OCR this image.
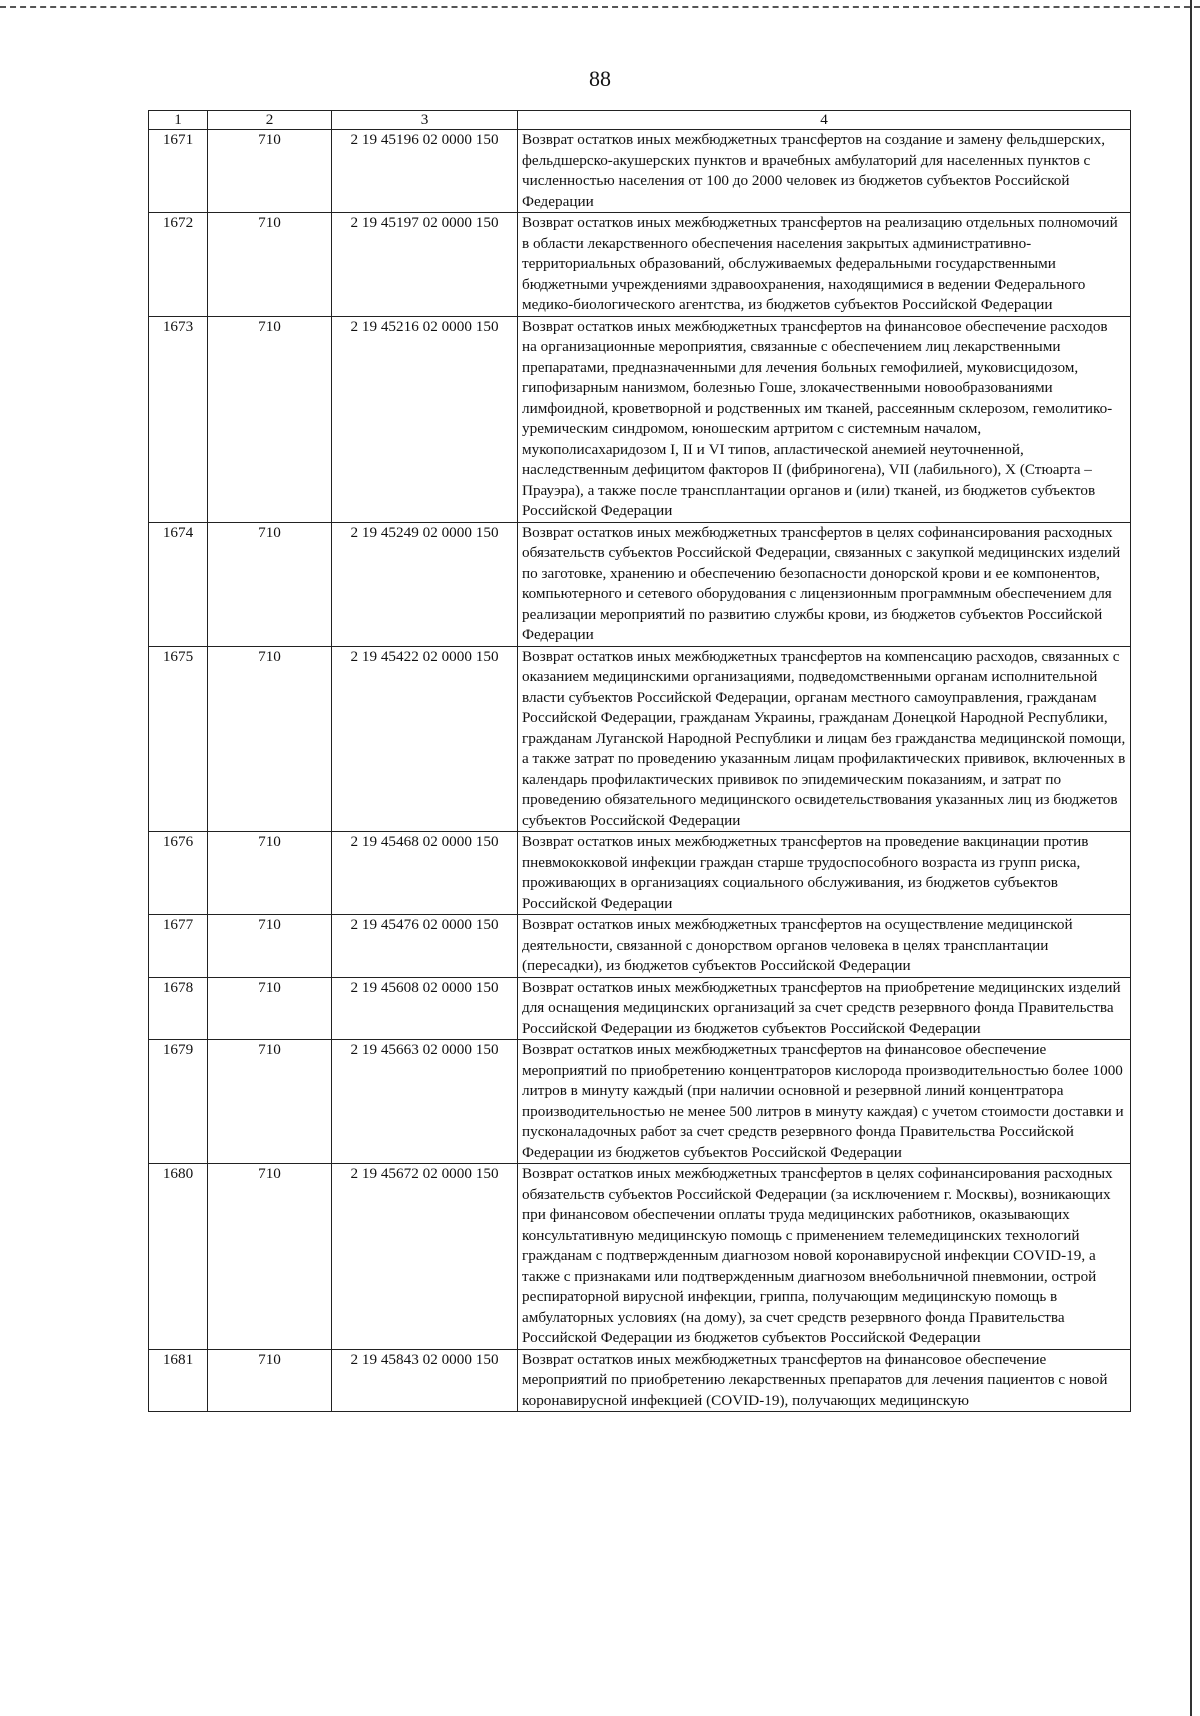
88
1	2	3	4
1671	710	2 19 45196 02 0000 150	Возврат остатков иных межбюджетных трансфертов на создание и замену фельдшерских, фельдшерско-акушерских пунктов и врачебных амбулаторий для населенных пунктов с численностью населения от 100 до 2000 человек из бюджетов субъектов Российской Федерации
1672	710	2 19 45197 02 0000 150	Возврат остатков иных межбюджетных трансфертов на реализацию отдельных полномочий в области лекарственного обеспечения населения закрытых административно-территориальных образований, обслуживаемых федеральными государственными бюджетными учреждениями здравоохранения, находящимися в ведении Федерального медико-биологического агентства, из бюджетов субъектов Российской Федерации
1673	710	2 19 45216 02 0000 150	Возврат остатков иных межбюджетных трансфертов на финансовое обеспечение расходов на организационные мероприятия, связанные с обеспечением лиц лекарственными препаратами, предназначенными для лечения больных гемофилией, муковисцидозом, гипофизарным нанизмом, болезнью Гоше, злокачественными новообразованиями лимфоидной, кроветворной и родственных им тканей, рассеянным склерозом, гемолитико-уремическим синдромом, юношеским артритом с системным началом, мукополисахаридозом I, II и VI типов, апластической анемией неуточненной, наследственным дефицитом факторов II (фибриногена), VII (лабильного), X (Стюарта – Прауэра), а также после трансплантации органов и (или) тканей, из бюджетов субъектов Российской Федерации
1674	710	2 19 45249 02 0000 150	Возврат остатков иных межбюджетных трансфертов в целях софинансирования расходных обязательств субъектов Российской Федерации, связанных с закупкой медицинских изделий по заготовке, хранению и обеспечению безопасности донорской крови и ее компонентов, компьютерного и сетевого оборудования с лицензионным программным обеспечением для реализации мероприятий по развитию службы крови, из бюджетов субъектов Российской Федерации
1675	710	2 19 45422 02 0000 150	Возврат остатков иных межбюджетных трансфертов на компенсацию расходов, связанных с оказанием медицинскими организациями, подведомственными органам исполнительной власти субъектов Российской Федерации, органам местного самоуправления, гражданам Российской Федерации, гражданам Украины, гражданам Донецкой Народной Республики, гражданам Луганской Народной Республики и лицам без гражданства медицинской помощи, а также затрат по проведению указанным лицам профилактических прививок, включенных в календарь профилактических прививок по эпидемическим показаниям, и затрат по проведению обязательного медицинского освидетельствования указанных лиц из бюджетов субъектов Российской Федерации
1676	710	2 19 45468 02 0000 150	Возврат остатков иных межбюджетных трансфертов на проведение вакцинации против пневмококковой инфекции граждан старше трудоспособного возраста из групп риска, проживающих в организациях социального обслуживания, из бюджетов субъектов Российской Федерации
1677	710	2 19 45476 02 0000 150	Возврат остатков иных межбюджетных трансфертов на осуществление медицинской деятельности, связанной с донорством органов человека в целях трансплантации (пересадки), из бюджетов субъектов Российской Федерации
1678	710	2 19 45608 02 0000 150	Возврат остатков иных межбюджетных трансфертов на приобретение медицинских изделий для оснащения медицинских организаций за счет средств резервного фонда Правительства Российской Федерации из бюджетов субъектов Российской Федерации
1679	710	2 19 45663 02 0000 150	Возврат остатков иных межбюджетных трансфертов на финансовое обеспечение мероприятий по приобретению концентраторов кислорода производительностью более 1000 литров в минуту каждый (при наличии основной и резервной линий концентратора производительностью не менее 500 литров в минуту каждая) с учетом стоимости доставки и пусконаладочных работ за счет средств резервного фонда Правительства Российской Федерации из бюджетов субъектов Российской Федерации
1680	710	2 19 45672 02 0000 150	Возврат остатков иных межбюджетных трансфертов в целях софинансирования расходных обязательств субъектов Российской Федерации (за исключением г. Москвы), возникающих при финансовом обеспечении оплаты труда медицинских работников, оказывающих консультативную медицинскую помощь с применением телемедицинских технологий гражданам с подтвержденным диагнозом новой коронавирусной инфекции COVID-19, а также с признаками или подтвержденным диагнозом внебольничной пневмонии, острой респираторной вирусной инфекции, гриппа, получающим медицинскую помощь в амбулаторных условиях (на дому), за счет средств резервного фонда Правительства Российской Федерации из бюджетов субъектов Российской Федерации
1681	710	2 19 45843 02 0000 150	Возврат остатков иных межбюджетных трансфертов на финансовое обеспечение мероприятий по приобретению лекарственных препаратов для лечения пациентов с новой коронавирусной инфекцией (COVID-19), получающих медицинскую
